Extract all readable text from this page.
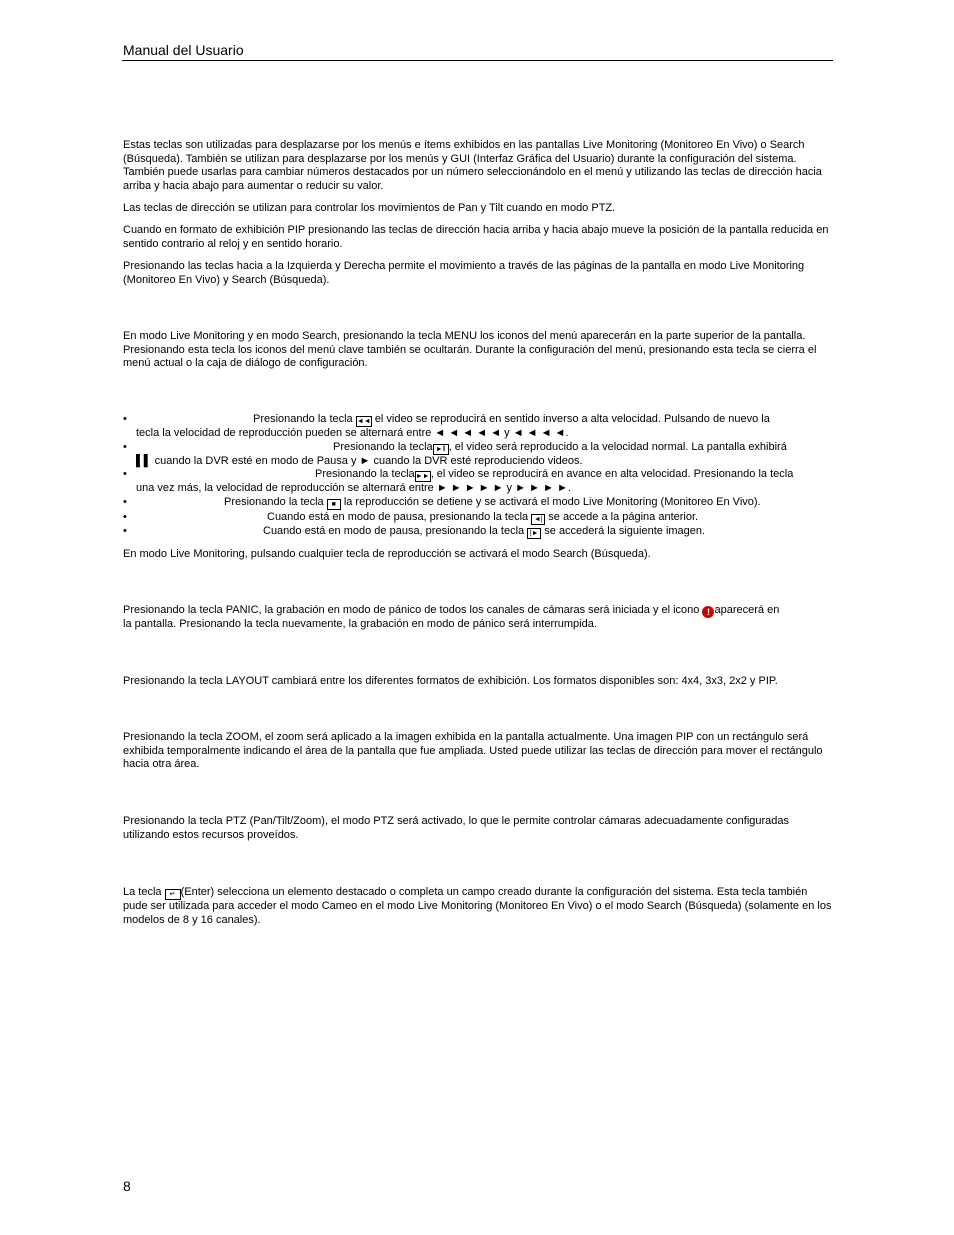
Manual del Usuario
Estas teclas son utilizadas para desplazarse por los menús e ítems exhibidos en las pantallas Live Monitoring (Monitoreo En Vivo) o Search (Búsqueda). También se utilizan para desplazarse por los menús y GUI (Interfaz Gráfica del Usuario) durante la configuración del sistema. También puede usarlas para cambiar números destacados por un número seleccionándolo en el menú y utilizando las teclas de dirección hacia arriba y hacia abajo para aumentar o reducir su valor.
Las teclas de dirección se utilizan para controlar los movimientos de Pan y Tilt cuando en modo PTZ.
Cuando en formato de exhibición PIP presionando las teclas de dirección hacia arriba y hacia abajo mueve la posición de la pantalla reducida en sentido contrario al reloj y en sentido horario.
Presionando las teclas hacia a la Izquierda y Derecha permite el movimiento a través de las páginas de la pantalla en modo Live Monitoring (Monitoreo En Vivo) y Search (Búsqueda).
En modo Live Monitoring y en modo Search, presionando la tecla MENU los iconos del menú aparecerán en la parte superior de la pantalla. Presionando esta tecla los iconos del menú clave también se ocultarán. Durante la configuración del menú, presionando esta tecla se cierra el menú actual o la caja de diálogo de configuración.
•	Presionando la tecla ◄◄ el video se reproducirá en sentido inverso a alta velocidad. Pulsando de nuevo la
tecla la velocidad de reproducción pueden se alternará entre ◄ ◄ ◄ ◄ ◄ y ◄ ◄ ◄ ◄.
•	Presionando la tecla ►‖ , el video será reproducido a la velocidad normal. La pantalla exhibirá
▌▌ cuando la DVR esté en modo de Pausa y ► cuando la DVR esté reproduciendo videos.
•	Presionando la tecla►►, el video se reproducirá en avance en alta velocidad. Presionando la tecla
una vez más, la velocidad de reproducción se alternará entre ► ► ► ► ► y ► ► ► ►.
•	Presionando la tecla ■ la reproducción se detiene y se activará el modo Live Monitoring (Monitoreo En Vivo).
•	Cuando está en modo de pausa, presionando la tecla ◄| se accede a la página anterior.
•	Cuando está en modo de pausa, presionando la tecla |► se accederá la siguiente imagen.
En modo Live Monitoring, pulsando cualquier tecla de reproducción se activará el modo Search (Búsqueda).
Presionando la tecla PANIC, la grabación en modo de pánico de todos los canales de cámaras será iniciada y el icono ! aparecerá en
la pantalla. Presionando la tecla nuevamente, la grabación en modo de pánico será interrumpida.
Presionando la tecla LAYOUT cambiará entre los diferentes formatos de exhibición. Los formatos disponibles son: 4x4, 3x3, 2x2 y PIP.
Presionando la tecla ZOOM, el zoom será aplicado a la imagen exhibida en la pantalla actualmente. Una imagen PIP con un rectángulo será exhibida temporalmente indicando el área de la pantalla que fue ampliada. Usted puede utilizar las teclas de dirección para mover el rectángulo hacia otra área.
Presionando la tecla PTZ (Pan/Tilt/Zoom), el modo PTZ será activado, lo que le permite controlar cámaras adecuadamente configuradas utilizando estos recursos proveídos.
La tecla ↵ (Enter) selecciona un elemento destacado o completa un campo creado durante la configuración del sistema. Esta tecla también pude ser utilizada para acceder el modo Cameo en el modo Live Monitoring (Monitoreo En Vivo) o el modo Search (Búsqueda) (solamente en los modelos de 8 y 16 canales).
8
